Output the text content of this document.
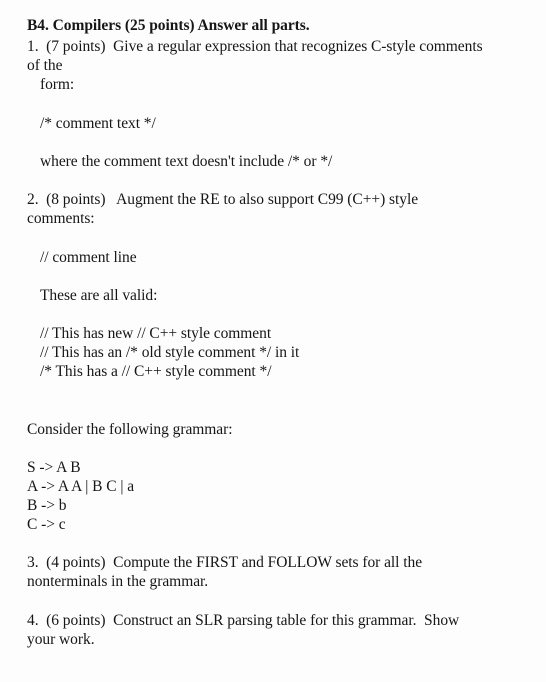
B4. Compilers (25 points) Answer all parts.
1.  (7 points)  Give a regular expression that recognizes C-style comments
of the
form:
/* comment text */
where the comment text doesn't include /* or */
2.  (8 points)   Augment the RE to also support C99 (C++) style
comments:
// comment line
These are all valid:
// This has new // C++ style comment
// This has an /* old style comment */ in it
/* This has a // C++ style comment */
Consider the following grammar:
S -> A B
A -> A A | B C | a
B -> b
C -> c
3.  (4 points)  Compute the FIRST and FOLLOW sets for all the
nonterminals in the grammar.
4.  (6 points)  Construct an SLR parsing table for this grammar.  Show
your work.
